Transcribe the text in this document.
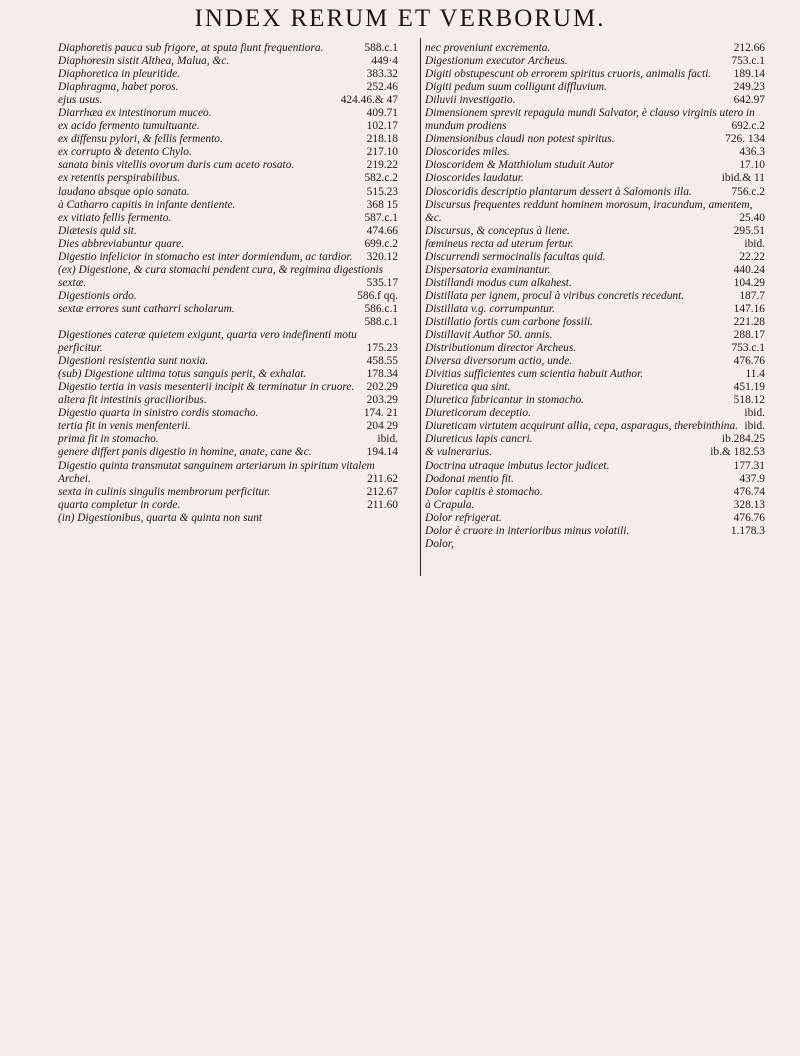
INDEX RERUM ET VERBORUM.
Diaphoretis pauca sub frigore, at sputa fiunt frequentiora.	588.c.1
Diaphoresin sistit Althea, Malua, &c.	449·4
Diaphoretica in pleuritide.	383.32
Diaphragma, habet poros.	252.46
ejus usus.	424.46.& 47
Diarrhæa ex intestinorum muceo.	409.71
ex acido fermento tumultuante.	102.17
ex diffensu pylori, & fellis fermento.	218.18
ex corrupto & detento Chylo.	217.10
sanata binis vitellis ovorum duris cum aceto rosato.	219.22
ex retentis perspirabilibus.	582.c.2
laudano absque opio sanata.	515.23
à Catharro capitis in infante dentiente.	368 15
ex vitiato fellis fermento.	587.c.1
Diætesis quid sit.	474.66
Dies abbreviabuntur quare.	699.c.2
Digestio infelicior in stomacho est inter dormiendum, ac tardior. 320.12
(ex) Digestione, & cura stomachi pendent cura, & regimina digestionis sextæ.	535.17
Digestionis ordo.	586.f qq.
sextæ errores sunt catharri scholarum.	586.c.1
588.c.1
Digestiones cateræ quietem exigunt, quarta vero indefinenti motu perficitur.	175.23
Digestioni resistentia sunt noxia.	458.55
(sub) Digestione ultima totus sanguis perit, & exhalat.	178.34
Digestio tertia in vasis mesenterii incipit & terminatur in cruore. 202.29
altera fit intestinis gracilioribus.	203.29
Digestio quarta in sinistro cordis stomacho.	174. 21
tertia fit in venis menfenterii.	204 29
prima fit in stomacho.	ibid.
genere differt panis digestio in homine, anate, cane &c.	194.14
Digestio quinta transmutat sanguinem arteriarum in spiritum vitalem Archei.	211.62
sexta in culinis singulis membrorum perficitur.	212.67
quarta completur in corde.	211.60
(in) Digestionibus, quarta & quinta non sunt
nec proveniunt excrementa.	212.66
Digestionum executor Archeus.	753.c.1
Digiti obstupescunt ob errorem spiritus cruoris, animalis facti. 189.14
Digiti pedum suum colligunt diffluvium.	249.23
Diluvii investigatio.	642.97
Dimensionem sprevit repagula mundi Salvator, è clauso virginis utero in mundum prodiens	692.c.2
Dimensionibus claudi non potest spiritus.	726. 134
Dioscorides miles.	436.3
Dioscoridem & Matthiolum studuit Autor	17.10
Dioscorides laudatur.	ibid.& 11
Dioscoridis descriptio plantarum dessert à Salomonis illa.	756.c.2
Discursus frequentes reddunt hominem morosum, iracundum, amentem, &c.	25.40
Discursus, & conceptus à liene.	295.51
fœmineus recta ad uterum fertur.	ibid.
Discurrendi sermocinalis facultas quid.	22.22
Dispersatoria examinantur.	440.24
Distillandi modus cum alkahest.	104.29
Distillata per ignem, procul à viribus concretis recedunt.	187.7
Distillata v.g. corrumpuntur.	147.16
Distillatio fortis cum carbone fossili.	221.28
Distillavit Author 50. annis.	288.17
Distributionum director Archeus.	753.c.1
Diversa diversorum actio, unde.	476.76
Divitias sufficientes cum scientia habuit Author.	11.4
Diuretica qua sint.	451.19
Diuretica fabricantur in stomacho.	518.12
Diureticorum deceptio.	ibid.
Diureticam virtutem acquirunt allia, cepa, asparagus, therebinthina. ibid.
Diureticus lapis cancri.	ib.284.25
& vulnerarius.	ib.& 182.53
Doctrina utraque imbutus lector judicet.	177.31
Dodonai mentio fit.	437.9
Dolor capitis è stomacho.	476.74
à Crapula.	328.13
Dolor refrigerat.	476.76
Dolor è cruore in interioribus minus volatili.	1.178.3
Dolor,
